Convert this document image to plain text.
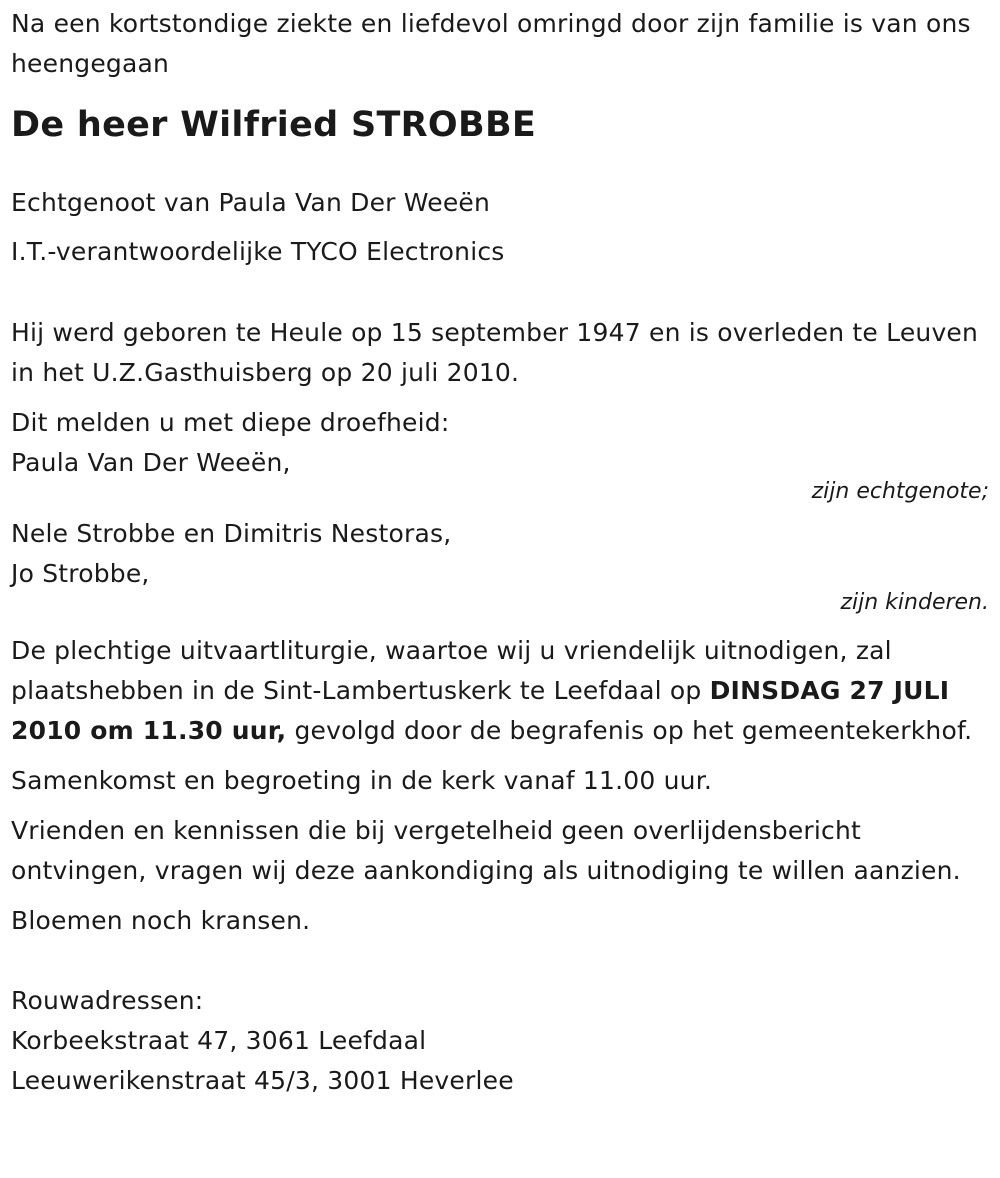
Na een kortstondige ziekte en liefdevol omringd door zijn familie is van ons heengegaan

De heer Wilfried STROBBE

Echtgenoot van Paula Van Der Weeën

I.T.-verantwoordelijke TYCO Electronics

Hij werd geboren te Heule op 15 september 1947 en is overleden te Leuven in het U.Z.Gasthuisberg op 20 juli 2010.

Dit melden u met diepe droefheid:

Paula Van Der Weeën,

zijn echtgenote;

Nele Strobbe en Dimitris Nestoras,

Jo Strobbe,

zijn kinderen.

De plechtige uitvaartliturgie, waartoe wij u vriendelijk uitnodigen, zal plaatshebben in de Sint-Lambertuskerk te Leefdaal op DINSDAG 27 JULI 2010 om 11.30 uur, gevolgd door de begrafenis op het gemeentekerkhof.

Samenkomst en begroeting in de kerk vanaf 11.00 uur.

Vrienden en kennissen die bij vergetelheid geen overlijdensbericht ontvingen, vragen wij deze aankondiging als uitnodiging te willen aanzien.

Bloemen noch kransen.

Rouwadressen:

Korbeekstraat 47, 3061 Leefdaal

Leeuwerikenstraat 45/3, 3001 Heverlee
